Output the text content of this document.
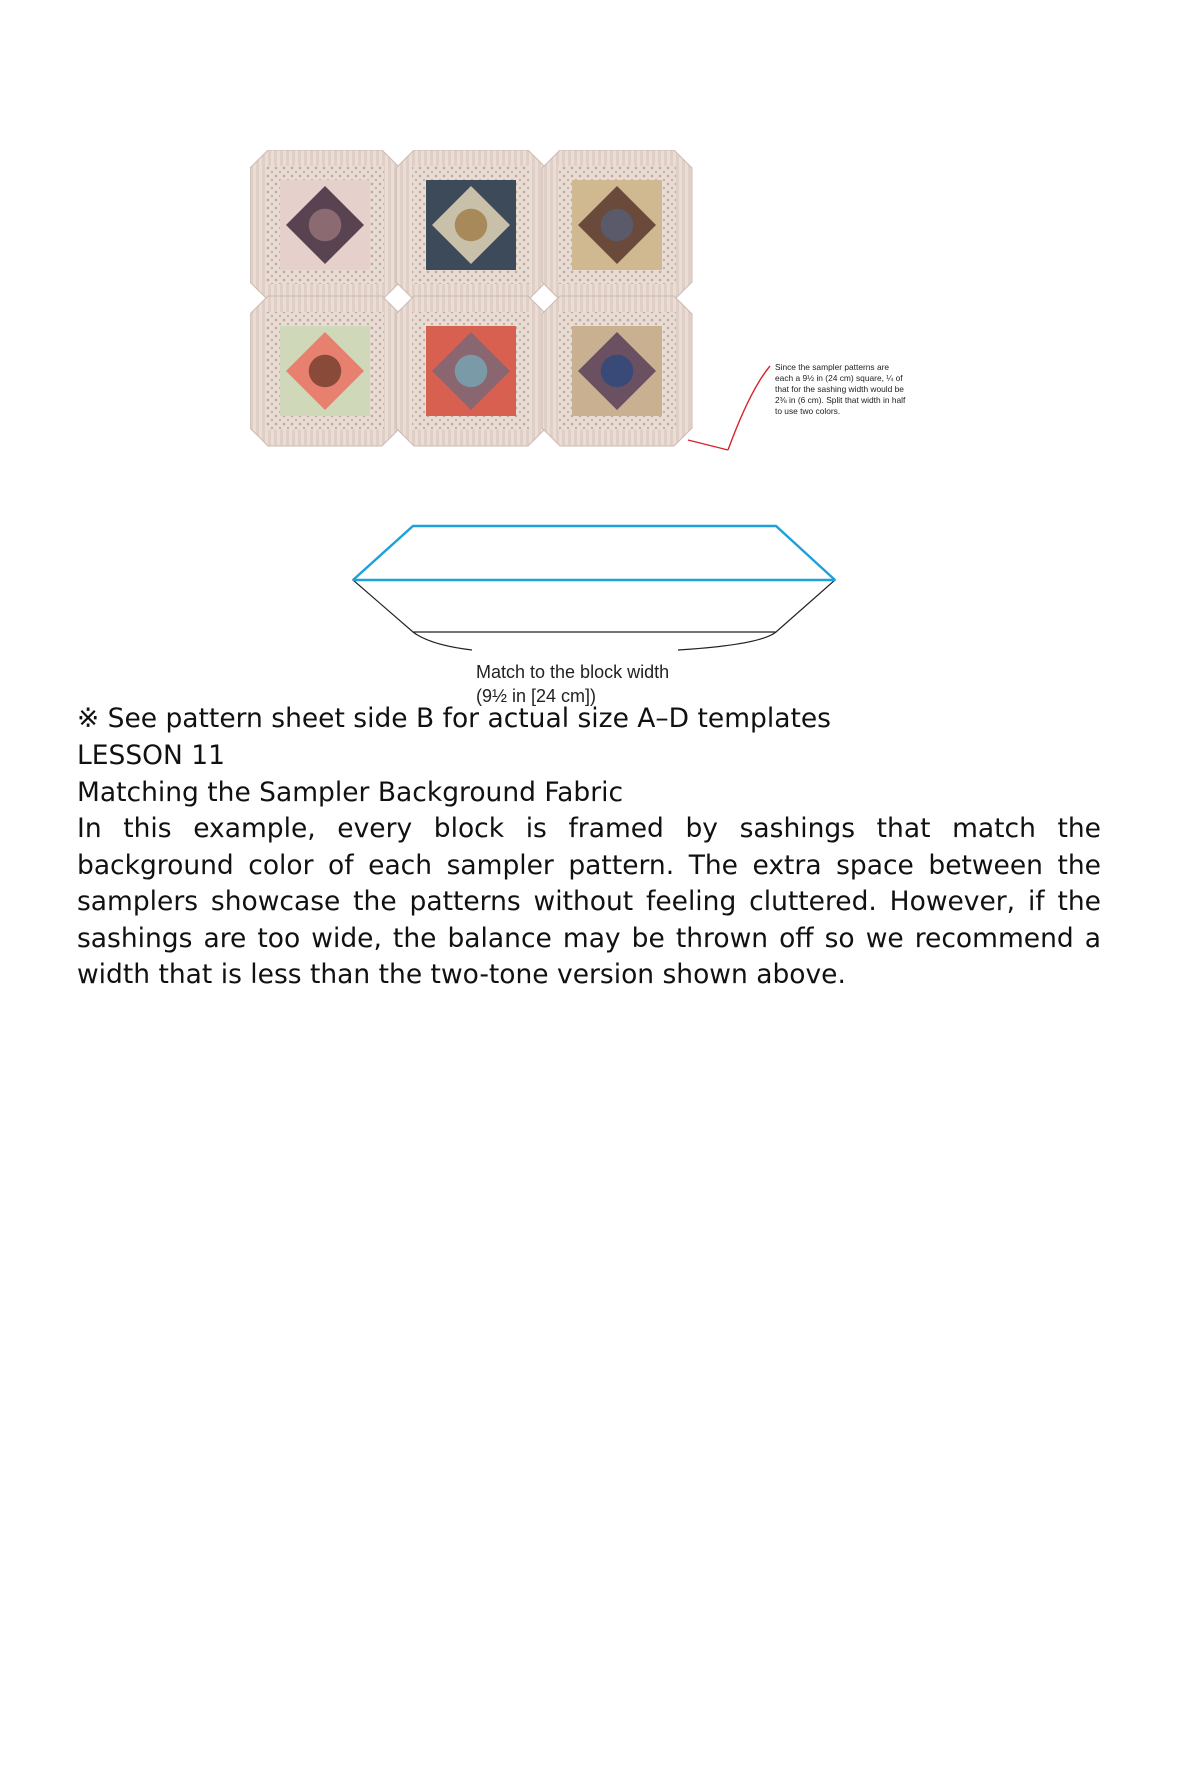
Since the sampler patterns are
each a 9½ in (24 cm) square, ¼ of
that for the sashing width would be
2⅜ in (6 cm). Split that width in half
to use two colors.
Match to the block width
(9½ in [24 cm])

※ See pattern sheet side B for actual size A–D templates

LESSON 11

Matching the Sampler Background Fabric

In this example, every block is framed by sashings that match the background color of each sampler pattern. The extra space between the samplers showcase the patterns without feeling cluttered. However, if the sashings are too wide, the balance may be thrown off so we recommend a width that is less than the two-tone version shown above.
